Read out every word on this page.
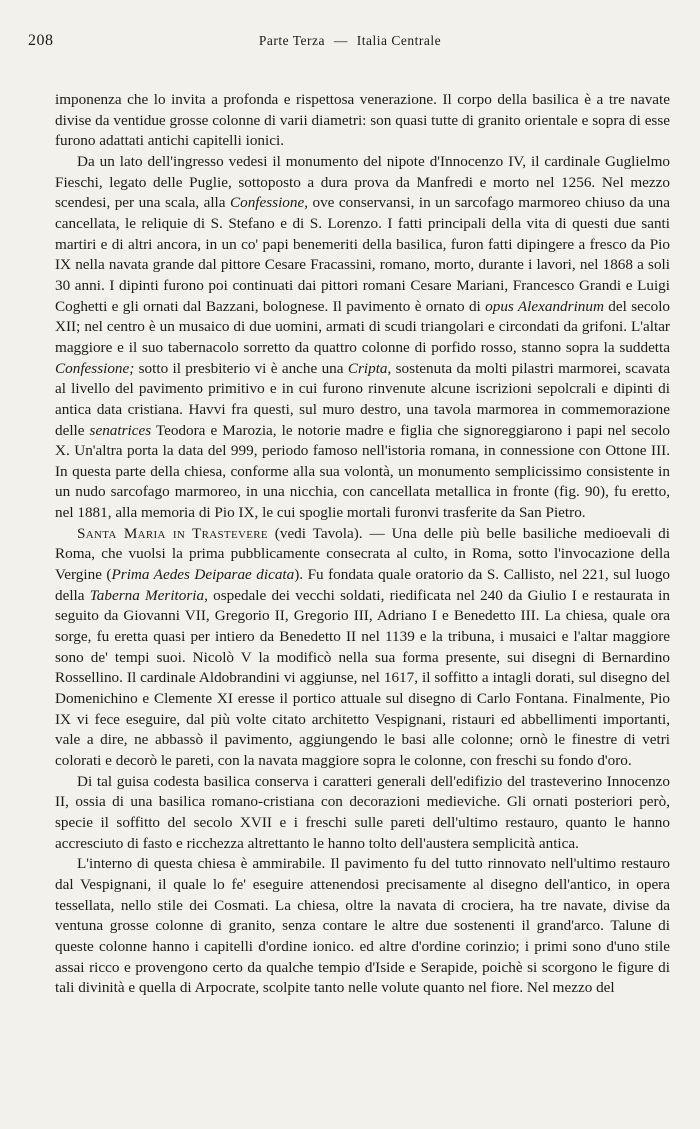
208	Parte Terza — Italia Centrale

imponenza che lo invita a profonda e rispettosa venerazione. Il corpo della basilica è a tre navate divise da ventidue grosse colonne di varii diametri: son quasi tutte di granito orientale e sopra di esse furono adattati antichi capitelli ionici.

Da un lato dell'ingresso vedesi il monumento del nipote d'Innocenzo IV, il cardinale Guglielmo Fieschi, legato delle Puglie, sottoposto a dura prova da Manfredi e morto nel 1256. Nel mezzo scendesi, per una scala, alla Confessione, ove conservansi, in un sarcofago marmoreo chiuso da una cancellata, le reliquie di S. Stefano e di S. Lorenzo. I fatti principali della vita di questi due santi martiri e di altri ancora, in un co' papi benemeriti della basilica, furon fatti dipingere a fresco da Pio IX nella navata grande dal pittore Cesare Fracassini, romano, morto, durante i lavori, nel 1868 a soli 30 anni. I dipinti furono poi continuati dai pittori romani Cesare Mariani, Francesco Grandi e Luigi Coghetti e gli ornati dal Bazzani, bolognese. Il pavimento è ornato di opus Alexandrinum del secolo XII; nel centro è un musaico di due uomini, armati di scudi triangolari e circondati da grifoni. L'altar maggiore e il suo tabernacolo sorretto da quattro colonne di porfido rosso, stanno sopra la suddetta Confessione; sotto il presbiterio vi è anche una Cripta, sostenuta da molti pilastri marmorei, scavata al livello del pavimento primitivo e in cui furono rinvenute alcune iscrizioni sepolcrali e dipinti di antica data cristiana. Havvi fra questi, sul muro destro, una tavola marmorea in commemorazione delle senatrices Teodora e Marozia, le notorie madre e figlia che signoreggiarono i papi nel secolo X. Un'altra porta la data del 999, periodo famoso nell'istoria romana, in connessione con Ottone III. In questa parte della chiesa, conforme alla sua volontà, un monumento semplicissimo consistente in un nudo sarcofago marmoreo, in una nicchia, con cancellata metallica in fronte (fig. 90), fu eretto, nel 1881, alla memoria di Pio IX, le cui spoglie mortali furonvi trasferite da San Pietro.

Santa Maria in Trastevere (vedi Tavola). — Una delle più belle basiliche medioevali di Roma, che vuolsi la prima pubblicamente consecrata al culto, in Roma, sotto l'invocazione della Vergine (Prima Aedes Deiparae dicata). Fu fondata quale oratorio da S. Callisto, nel 221, sul luogo della Taberna Meritoria, ospedale dei vecchi soldati, riedificata nel 240 da Giulio I e restaurata in seguito da Giovanni VII, Gregorio II, Gregorio III, Adriano I e Benedetto III. La chiesa, quale ora sorge, fu eretta quasi per intiero da Benedetto II nel 1139 e la tribuna, i musaici e l'altar maggiore sono de' tempi suoi. Nicolò V la modificò nella sua forma presente, sui disegni di Bernardino Rossellino. Il cardinale Aldobrandini vi aggiunse, nel 1617, il soffitto a intagli dorati, sul disegno del Domenichino e Clemente XI eresse il portico attuale sul disegno di Carlo Fontana. Finalmente, Pio IX vi fece eseguire, dal più volte citato architetto Vespignani, ristauri ed abbellimenti importanti, vale a dire, ne abbassò il pavimento, aggiungendo le basi alle colonne; ornò le finestre di vetri colorati e decorò le pareti, con la navata maggiore sopra le colonne, con freschi su fondo d'oro.

Di tal guisa codesta basilica conserva i caratteri generali dell'edifizio del trasteverino Innocenzo II, ossia di una basilica romano-cristiana con decorazioni medieviche. Gli ornati posteriori però, specie il soffitto del secolo XVII e i freschi sulle pareti dell'ultimo restauro, quanto le hanno accresciuto di fasto e ricchezza altrettanto le hanno tolto dell'austera semplicità antica.

L'interno di questa chiesa è ammirabile. Il pavimento fu del tutto rinnovato nell'ultimo restauro dal Vespignani, il quale lo fe' eseguire attenendosi precisamente al disegno dell'antico, in opera tessellata, nello stile dei Cosmati. La chiesa, oltre la navata di crociera, ha tre navate, divise da ventuna grosse colonne di granito, senza contare le altre due sostenenti il grand'arco. Talune di queste colonne hanno i capitelli d'ordine ionico. ed altre d'ordine corinzio; i primi sono d'uno stile assai ricco e provengono certo da qualche tempio d'Iside e Serapide, poichè si scorgono le figure di tali divinità e quella di Arpocrate, scolpite tanto nelle volute quanto nel fiore. Nel mezzo del
